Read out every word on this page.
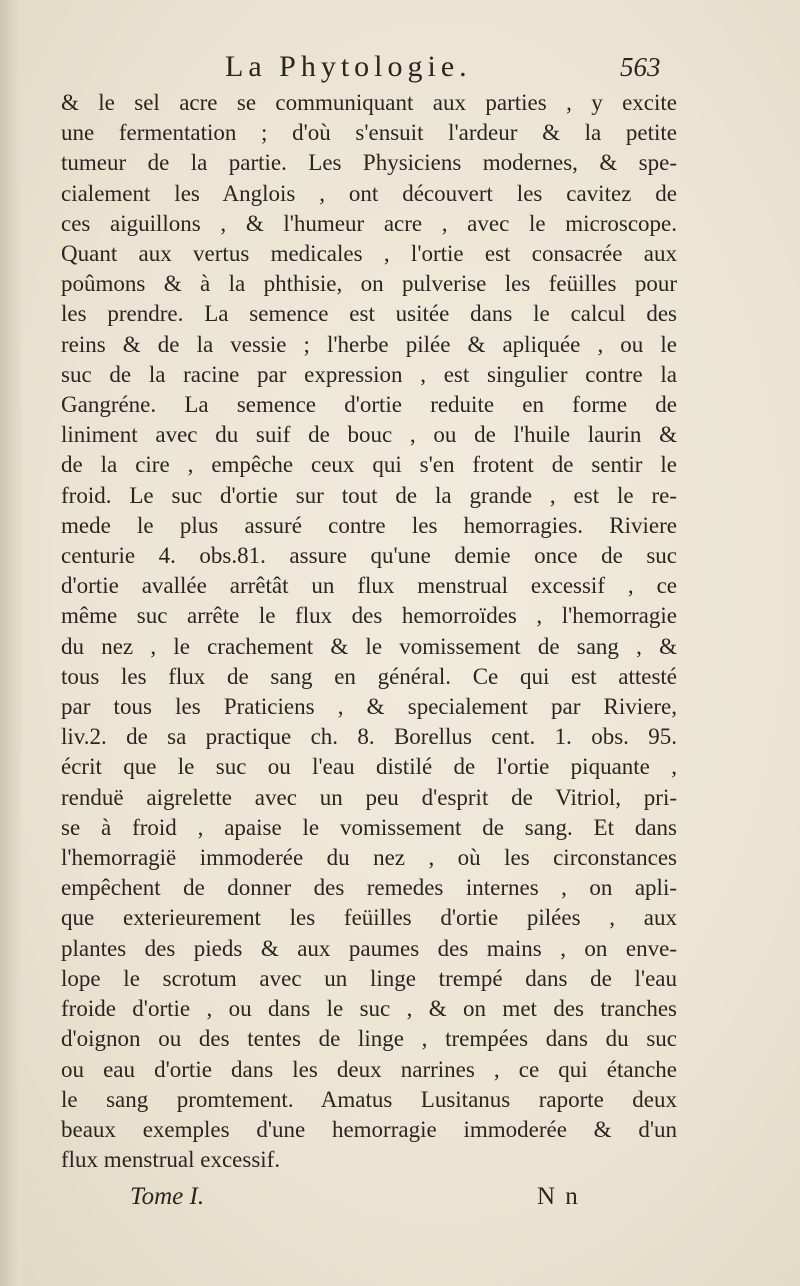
La Phytologie.	563
& le sel acre se communiquant aux parties , y excite
une fermentation ; d'où s'ensuit l'ardeur & la petite
tumeur de la partie. Les Physiciens modernes, & spe-
cialement les Anglois , ont découvert les cavitez de
ces aiguillons , & l'humeur acre , avec le microscope.
Quant aux vertus medicales , l'ortie est consacrée aux
poûmons & à la phthisie, on pulverise les feüilles pour
les prendre. La semence est usitée dans le calcul des
reins & de la vessie ; l'herbe pilée & apliquée , ou le
suc de la racine par expression , est singulier contre la
Gangréne. La semence d'ortie reduite en forme de
liniment avec du suif de bouc , ou de l'huile laurin &
de la cire , empêche ceux qui s'en frotent de sentir le
froid. Le suc d'ortie sur tout de la grande , est le re-
mede le plus assuré contre les hemorragies. Riviere
centurie 4. obs.81. assure qu'une demie once de suc
d'ortie avallée arrêtât un flux menstrual excessif , ce
même suc arrête le flux des hemorroïdes , l'hemorragie
du nez , le crachement & le vomissement de sang , &
tous les flux de sang en général. Ce qui est attesté
par tous les Praticiens , & specialement par Riviere,
liv.2. de sa practique ch. 8. Borellus cent. 1. obs. 95.
écrit que le suc ou l'eau distilé de l'ortie piquante ,
renduë aigrelette avec un peu d'esprit de Vitriol, pri-
se à froid , apaise le vomissement de sang. Et dans
l'hemorragië immoderée du nez , où les circonstances
empêchent de donner des remedes internes , on apli-
que exterieurement les feüilles d'ortie pilées , aux
plantes des pieds & aux paumes des mains , on enve-
lope le scrotum avec un linge trempé dans de l'eau
froide d'ortie , ou dans le suc , & on met des tranches
d'oignon ou des tentes de linge , trempées dans du suc
ou eau d'ortie dans les deux narrines , ce qui étanche
le sang promtement. Amatus Lusitanus raporte deux
beaux exemples d'une hemorragie immoderée & d'un
flux menstrual excessif.
Tome I.	N n
